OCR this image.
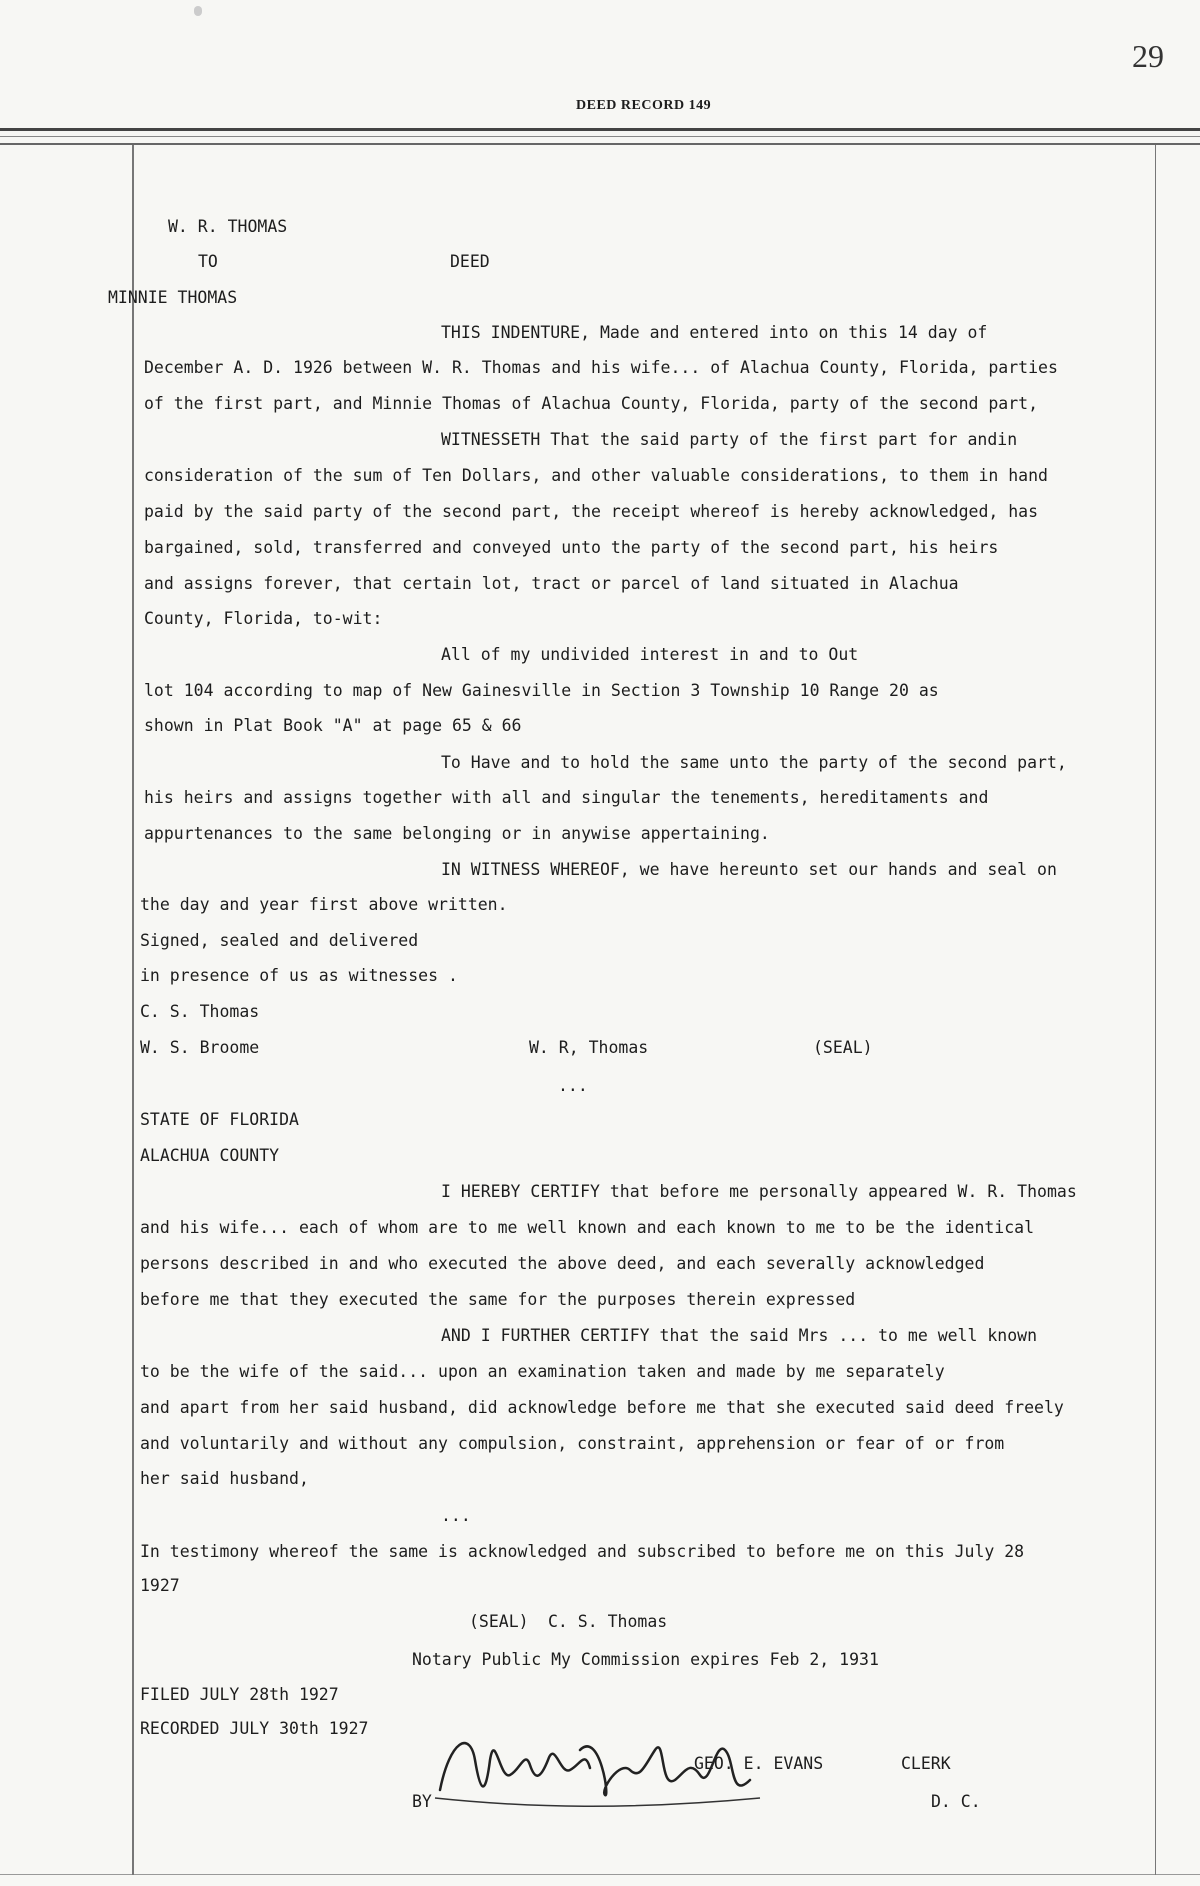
29
DEED RECORD 149
W. R. THOMAS
TO	DEED
MINNIE THOMAS
THIS INDENTURE, Made and entered into on this 14 day of
December A. D. 1926 between W. R. Thomas and his wife... of Alachua County, Florida, parties
of the first part, and Minnie Thomas of Alachua County, Florida, party of the second part,
WITNESSETH That the said party of the first part for andin
consideration of the sum of Ten Dollars, and other valuable considerations, to them in hand
paid by the said party of the second part, the receipt whereof is hereby acknowledged, has
bargained, sold, transferred and conveyed unto the party of the second part, his heirs
and assigns forever, that certain lot, tract or parcel of land situated in Alachua
County, Florida, to-wit:
All of my undivided interest in and to Out
lot 104 according to map of New Gainesville in Section 3 Township 10 Range 20 as
shown in Plat Book "A" at page 65 & 66
To Have and to hold the same unto the party of the second part,
his heirs and assigns together with all and singular the tenements, hereditaments and
appurtenances to the same belonging or in anywise appertaining.
IN WITNESS WHEREOF, we have hereunto set our hands and seal on
the day and year first above written.
Signed, sealed and delivered
in presence of us as witnesses .
C. S. Thomas
W. S. Broome	W. R, Thomas	(SEAL)
...
STATE OF FLORIDA
ALACHUA COUNTY
I HEREBY CERTIFY that before me personally appeared W. R. Thomas
and his wife... each of whom are to me well known and each known to me to be the identical
persons described in and who executed the above deed, and each severally acknowledged
before me that they executed the same for the purposes therein expressed
AND I FURTHER CERTIFY that the said Mrs ... to me well known
to be the wife of the said... upon an examination taken and made by me separately
and apart from her said husband, did acknowledge before me that she executed said deed freely
and voluntarily and without any compulsion, constraint, apprehension or fear of or from
her said husband,
...
In testimony whereof the same is acknowledged and subscribed to before me on this July 28
1927
(SEAL) C. S. Thomas
Notary Public My Commission expires Feb 2, 1931
FILED JULY 28th 1927
RECORDED JULY 30th 1927
GEO. E. EVANS	CLERK
BY	D. C.
